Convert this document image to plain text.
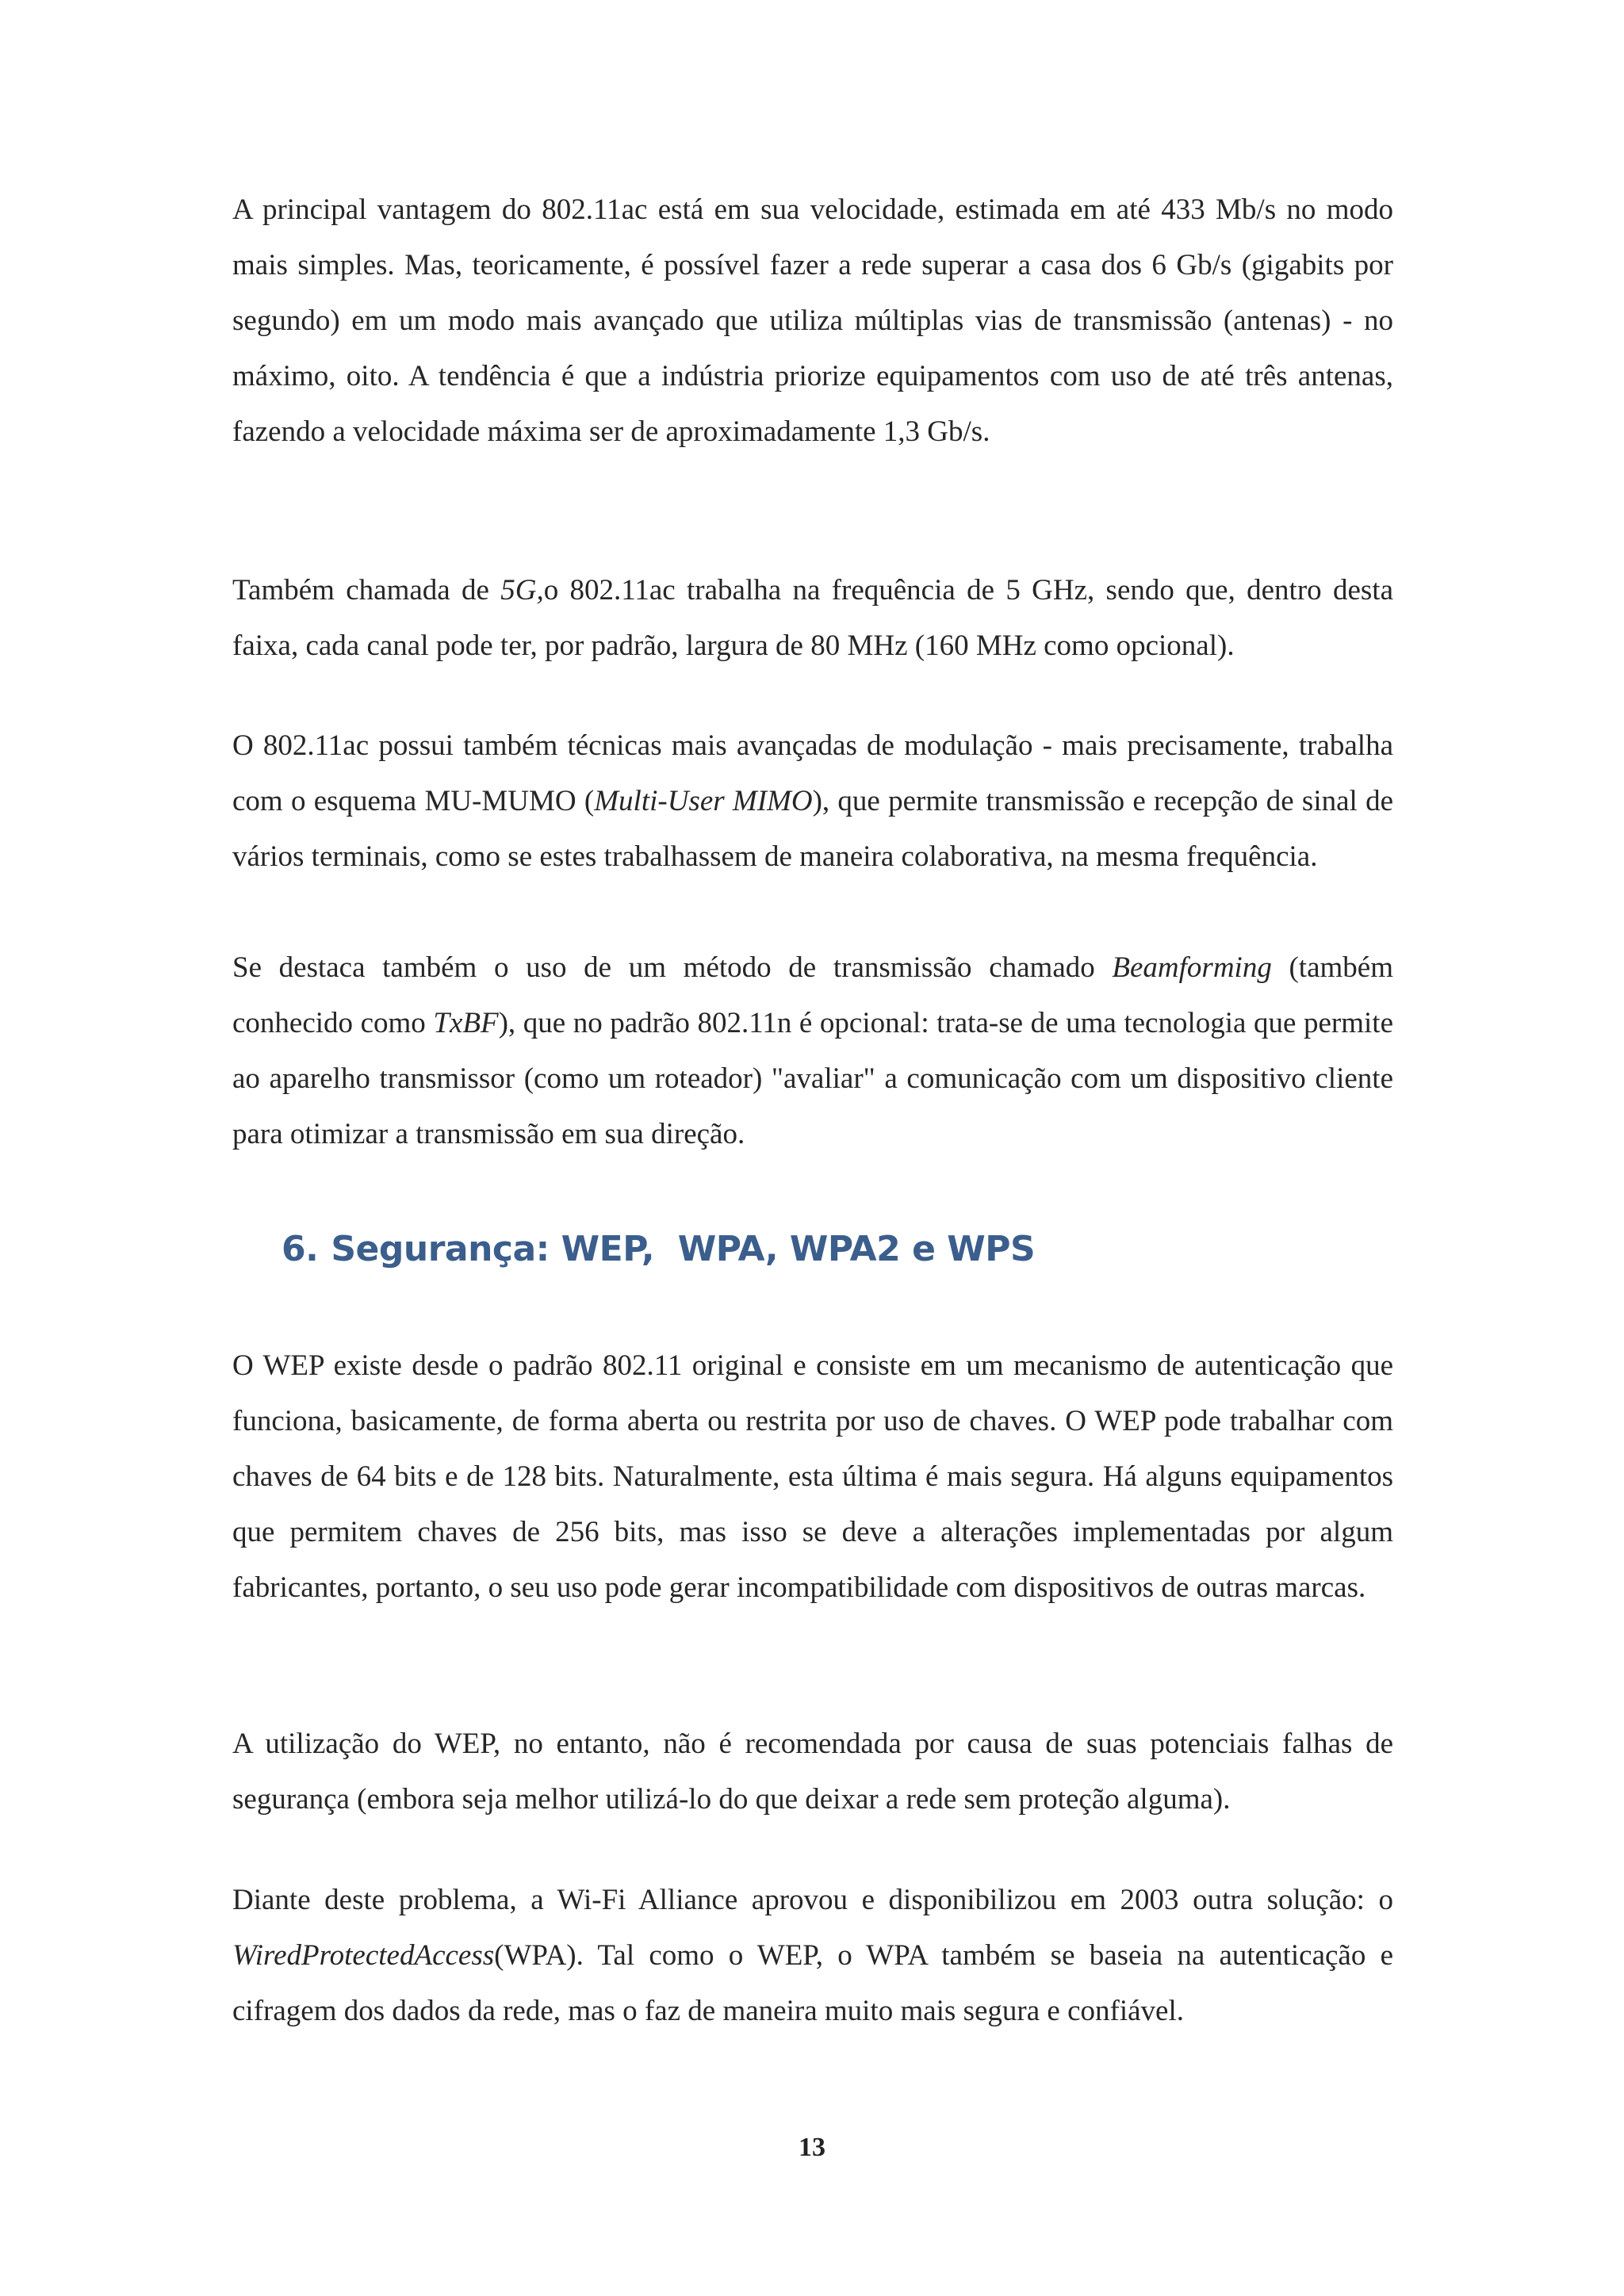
A principal vantagem do 802.11ac está em sua velocidade, estimada em até 433 Mb/s no modo mais simples. Mas, teoricamente, é possível fazer a rede superar a casa dos 6 Gb/s (gigabits por segundo) em um modo mais avançado que utiliza múltiplas vias de transmissão (antenas) - no máximo, oito. A tendência é que a indústria priorize equipamentos com uso de até três antenas, fazendo a velocidade máxima ser de aproximadamente 1,3 Gb/s.

Também chamada de 5G,o 802.11ac trabalha na frequência de 5 GHz, sendo que, dentro desta faixa, cada canal pode ter, por padrão, largura de 80 MHz (160 MHz como opcional).

O 802.11ac possui também técnicas mais avançadas de modulação - mais precisamente, trabalha com o esquema MU-MUMO (Multi-User MIMO), que permite transmissão e recepção de sinal de vários terminais, como se estes trabalhassem de maneira colaborativa, na mesma frequência.

Se destaca também o uso de um método de transmissão chamado Beamforming (também conhecido como TxBF), que no padrão 802.11n é opcional: trata-se de uma tecnologia que permite ao aparelho transmissor (como um roteador) "avaliar" a comunicação com um dispositivo cliente para otimizar a transmissão em sua direção.

6. Segurança: WEP,  WPA, WPA2 e WPS

O WEP existe desde o padrão 802.11 original e consiste em um mecanismo de autenticação que funciona, basicamente, de forma aberta ou restrita por uso de chaves. O WEP pode trabalhar com chaves de 64 bits e de 128 bits. Naturalmente, esta última é mais segura. Há alguns equipamentos que permitem chaves de 256 bits, mas isso se deve a alterações implementadas por algum fabricantes, portanto, o seu uso pode gerar incompatibilidade com dispositivos de outras marcas.

A utilização do WEP, no entanto, não é recomendada por causa de suas potenciais falhas de segurança (embora seja melhor utilizá-lo do que deixar a rede sem proteção alguma).

Diante deste problema, a Wi-Fi Alliance aprovou e disponibilizou em 2003 outra solução: o WiredProtectedAccess(WPA). Tal como o WEP, o WPA também se baseia na autenticação e cifragem dos dados da rede, mas o faz de maneira muito mais segura e confiável.

13
